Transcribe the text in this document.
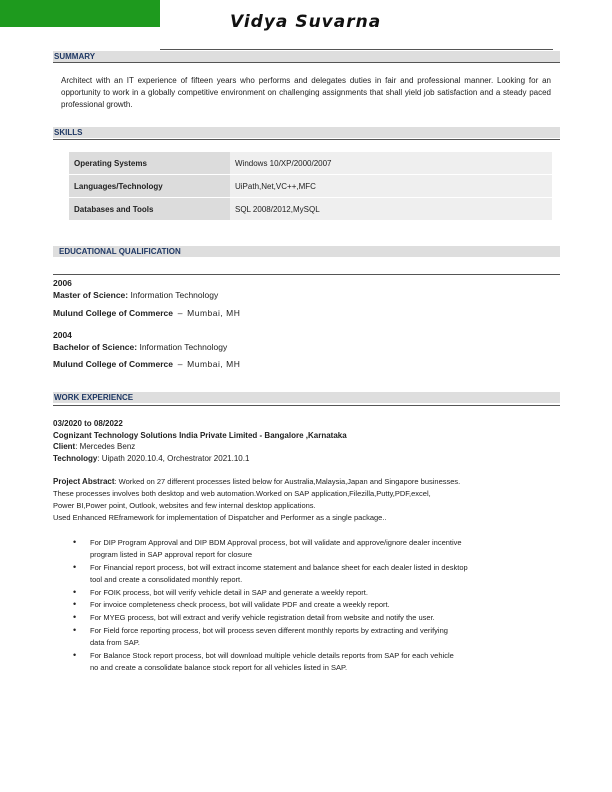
Vidya Suvarna
SUMMARY
Architect with an IT experience of fifteen years who performs and delegates duties in fair and professional manner. Looking for an opportunity to work in a globally competitive environment on challenging assignments that shall yield job satisfaction and a steady paced professional growth.
SKILLS
Operating Systems	Windows 10/XP/2000/2007
Languages/Technology	UiPath,Net,VC++,MFC
Databases and Tools	SQL 2008/2012,MySQL
EDUCATIONAL QUALIFICATION
2006
Master of Science: Information Technology
Mulund College of Commerce – Mumbai, MH
2004
Bachelor of Science: Information Technology
Mulund College of Commerce – Mumbai, MH
WORK EXPERIENCE
03/2020 to 08/2022
Cognizant Technology Solutions India Private Limited - Bangalore ,Karnataka
Client: Mercedes Benz
Technology: Uipath 2020.10.4, Orchestrator 2021.10.1
Project Abstract: Worked on 27 different processes listed below for Australia,Malaysia,Japan and Singapore businesses.
These processes involves both desktop and web automation.Worked on SAP application,Filezilla,Putty,PDF,excel,
Power BI,Power point, Outlook, websites and few internal desktop applications.
Used Enhanced REframework for implementation of Dispatcher and Performer as a single package..
• For DIP Program Approval and DIP BDM Approval process, bot will validate and approve/ignore dealer incentive
program listed in SAP approval report for closure
• For Financial report process, bot will extract income statement and balance sheet for each dealer listed in desktop
tool and create a consolidated monthly report.
• For FOIK process, bot will verify vehicle detail in SAP and generate a weekly report.
• For invoice completeness check process, bot will validate PDF and create a weekly report.
• For MYEG process, bot will extract and verify vehicle registration detail from website and notify the user.
• For Field force reporting process, bot will process seven different monthly reports by extracting and verifying
data from SAP.
• For Balance Stock report process, bot will download multiple vehicle details reports from SAP for each vehicle
no and create a consolidate balance stock report for all vehicles listed in SAP.
